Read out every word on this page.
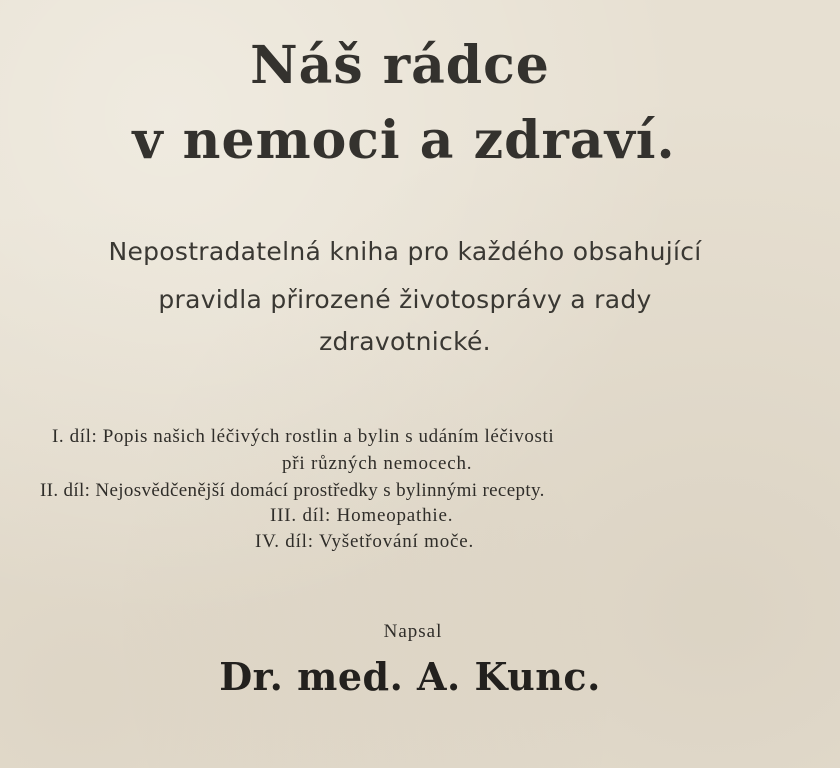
Náš rádce
v nemoci a zdraví.
Nepostradatelná kniha pro každého obsahující
pravidla přirozené životosprávy a rady
zdravotnické.
I. díl: Popis našich léčivých rostlin a bylin s udáním léčivosti
při různých nemocech.
II. díl: Nejosvědčenější domácí prostředky s bylinnými recepty.
III. díl: Homeopathie.
IV. díl: Vyšetřování moče.
Napsal
Dr. med. A. Kunc.
